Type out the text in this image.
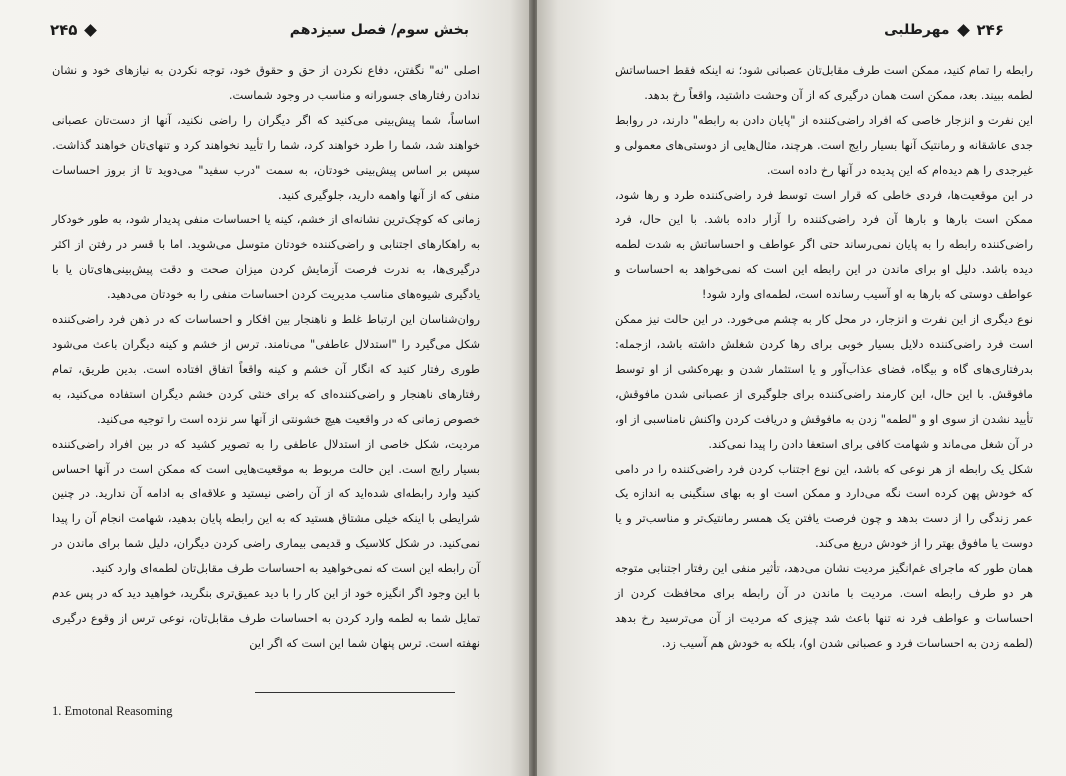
بخش سوم/ فصل سیزدهم
۲۴۵

اصلی "نه" نگفتن، دفاع نکردن از حق و حقوق خود، توجه نکردن به نیازهای خود و نشان ندادن رفتارهای جسورانه و مناسب در وجود شماست.

اساساً، شما پیش‌بینی می‌کنید که اگر دیگران را راضی نکنید، آنها از دست‌تان عصبانی خواهند شد، شما را طرد خواهند کرد، شما را تأیید نخواهند کرد و تنهای‌تان خواهند گذاشت. سپس بر اساس پیش‌بینی خودتان، به سمت "درب سفید" می‌دوید تا از بروز احساسات منفی که از آنها واهمه دارید، جلوگیری کنید.

زمانی که کوچک‌ترین نشانه‌ای از خشم، کینه یا احساسات منفی پدیدار شود، به طور خودکار به راهکارهای اجتنابی و راضی‌کننده خودتان متوسل می‌شوید. اما با قسر در رفتن از اکثر درگیری‌ها، به ندرت فرصت آزمایش کردن میزان صحت و دقت پیش‌بینی‌های‌تان یا با یادگیری شیوه‌های مناسب مدیریت کردن احساسات منفی را به خودتان می‌دهید.

روان‌شناسان این ارتباط غلط و ناهنجار بین افکار و احساسات که در ذهن فرد راضی‌کننده شکل می‌گیرد را "استدلال عاطفی" می‌نامند. ترس از خشم و کینه دیگران باعث می‌شود طوری رفتار کنید که انگار آن خشم و کینه واقعاً اتفاق افتاده است. بدین طریق، تمام رفتارهای ناهنجار و راضی‌کننده‌ای که برای خنثی کردن خشم دیگران استفاده می‌کنید، به خصوص زمانی که در واقعیت هیچ خشونتی از آنها سر نزده است را توجیه می‌کنید.

مردیت، شکل خاصی از استدلال عاطفی را به تصویر کشید که در بین افراد راضی‌کننده بسیار رایج است. این حالت مربوط به موقعیت‌هایی است که ممکن است در آنها احساس کنید وارد رابطه‌ای شده‌اید که از آن راضی نیستید و علاقه‌ای به ادامه آن ندارید. در چنین شرایطی با اینکه خیلی مشتاق هستید که به این رابطه پایان بدهید، شهامت انجام آن را پیدا نمی‌کنید. در شکل کلاسیک و قدیمی بیماری راضی کردن دیگران، دلیل شما برای ماندن در آن رابطه این است که نمی‌خواهید به احساسات طرف مقابل‌تان لطمه‌ای وارد کنید.

با این وجود اگر انگیزه خود از این کار را با دید عمیق‌تری بنگرید، خواهید دید که در پس عدم تمایل شما به لطمه وارد کردن به احساسات طرف مقابل‌تان، نوعی ترس از وقوع درگیری نهفته است. ترس پنهان شما این است که اگر این

1. Emotonal Reasoming
۲۴۶
مهرطلبی

رابطه را تمام کنید، ممکن است طرف مقابل‌تان عصبانی شود؛ نه اینکه فقط احساساتش لطمه ببیند. بعد، ممکن است همان درگیری که از آن وحشت داشتید، واقعاً رخ بدهد.

این نفرت و انزجار خاصی که افراد راضی‌کننده از "پایان دادن به رابطه" دارند، در روابط جدی عاشقانه و رمانتیک آنها بسیار رایج است. هرچند، مثال‌هایی از دوستی‌های معمولی و غیرجدی را هم دیده‌ام که این پدیده در آنها رخ داده است.

در این موقعیت‌ها، فردی خاطی که قرار است توسط فرد راضی‌کننده طرد و رها شود، ممکن است بارها و بارها آن فرد راضی‌کننده را آزار داده باشد. با این حال، فرد راضی‌کننده رابطه را به پایان نمی‌رساند حتی اگر عواطف و احساساتش به شدت لطمه دیده باشد. دلیل او برای ماندن در این رابطه این است که نمی‌خواهد به احساسات و عواطف دوستی که بارها به او آسیب رسانده است، لطمه‌ای وارد شود!

نوع دیگری از این نفرت و انزجار، در محل کار به چشم می‌خورد. در این حالت نیز ممکن است فرد راضی‌کننده دلایل بسیار خوبی برای رها کردن شغلش داشته باشد، ازجمله: بدرفتاری‌های گاه و بیگاه، فضای عذاب‌آور و یا استثمار شدن و بهره‌کشی از او توسط مافوقش. با این حال، این کارمند راضی‌کننده برای جلوگیری از عصبانی شدن مافوقش، تأیید نشدن از سوی او و "لطمه" زدن به مافوقش و دریافت کردن واکنش نامناسبی از او، در آن شغل می‌ماند و شهامت کافی برای استعفا دادن را پیدا نمی‌کند.

شکل یک رابطه از هر نوعی که باشد، این نوع اجتناب کردن فرد راضی‌کننده را در دامی که خودش پهن کرده است نگه می‌دارد و ممکن است او به بهای سنگینی به اندازه یک عمر زندگی را از دست بدهد و چون فرصت یافتن یک همسر رمانتیک‌تر و مناسب‌تر و یا دوست یا مافوق بهتر را از خودش دریغ می‌کند.

همان طور که ماجرای غم‌انگیز مردیت نشان می‌دهد، تأثیر منفی این رفتار اجتنابی متوجه هر دو طرف رابطه است. مردیت با ماندن در آن رابطه برای محافظت کردن از احساسات و عواطف فرد نه تنها باعث شد چیزی که مردیت از آن می‌ترسید رخ بدهد (لطمه زدن به احساسات فرد و عصبانی شدن او)، بلکه به خودش هم آسیب زد.
